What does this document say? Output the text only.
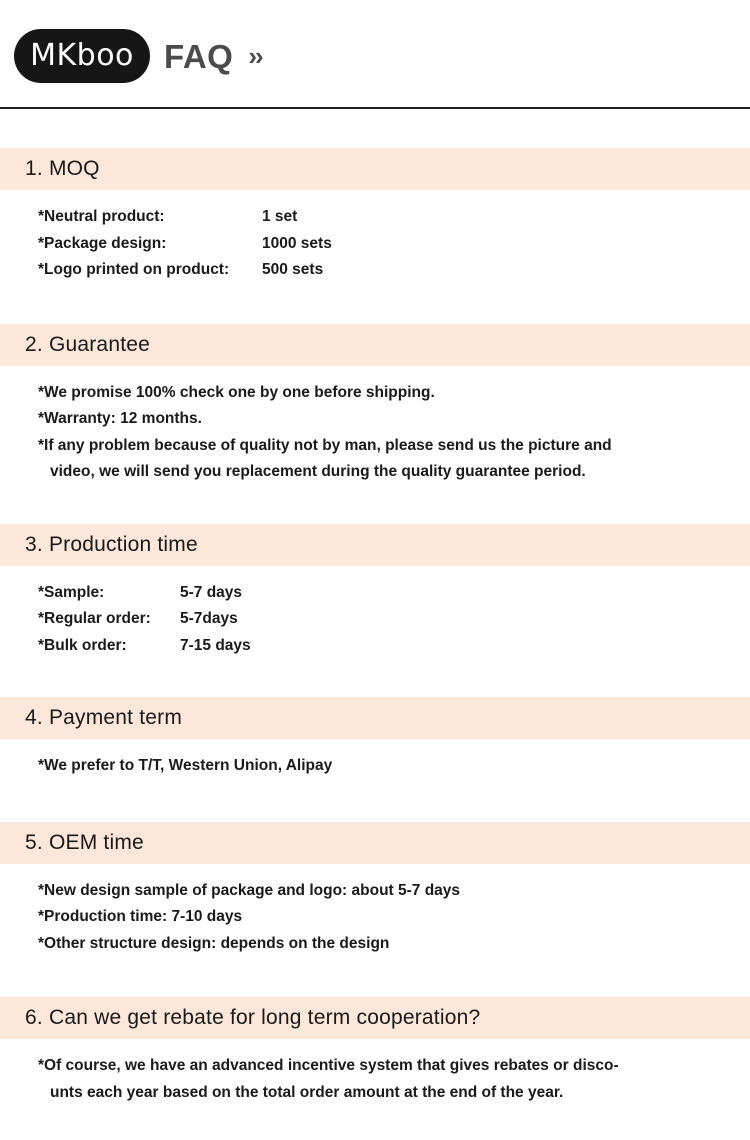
MKboo FAQ ››
1. MOQ
*Neutral product:	1 set
*Package design:	1000 sets
*Logo printed on product:	500 sets
2. Guarantee
*We promise 100% check one by one before shipping.
*Warranty: 12 months.
*If any problem because of quality not by man, please send us the picture and
video, we will send you replacement during the quality guarantee period.
3. Production time
*Sample:	5-7 days
*Regular order:	5-7days
*Bulk order:	7-15 days
4. Payment term
*We prefer to T/T, Western Union, Alipay
5. OEM time
*New design sample of package and logo: about 5-7 days
*Production time: 7-10 days
*Other structure design: depends on the design
6. Can we get rebate for long term cooperation?
*Of course, we have an advanced incentive system that gives rebates or disco-
unts each year based on the total order amount at the end of the year.
